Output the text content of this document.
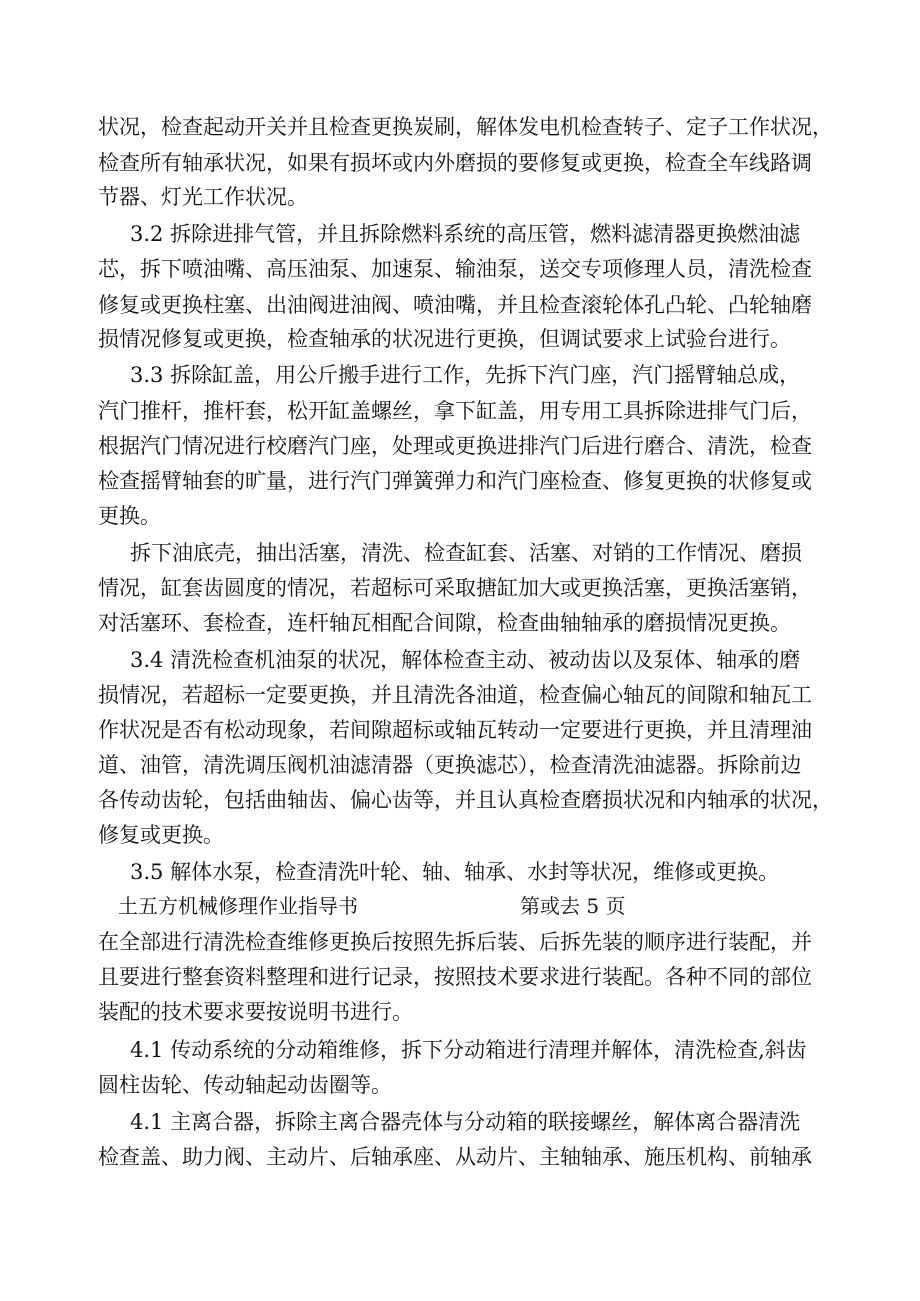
状况，检查起动开关并且检查更换炭刷，解体发电机检查转子、定子工作状况，
检查所有轴承状况，如果有损坏或内外磨损的要修复或更换，检查全车线路调
节器、灯光工作状况。
3.2 拆除进排气管，并且拆除燃料系统的高压管，燃料滤清器更换燃油滤
芯，拆下喷油嘴、高压油泵、加速泵、输油泵，送交专项修理人员，清洗检查
修复或更换柱塞、出油阀进油阀、喷油嘴，并且检查滚轮体孔凸轮、凸轮轴磨
损情况修复或更换，检查轴承的状况进行更换，但调试要求上试验台进行。
3.3 拆除缸盖，用公斤搬手进行工作，先拆下汽门座，汽门摇臂轴总成，
汽门推杆，推杆套，松开缸盖螺丝，拿下缸盖，用专用工具拆除进排气门后，
根据汽门情况进行校磨汽门座，处理或更换进排汽门后进行磨合、清洗，检查
检查摇臂轴套的旷量，进行汽门弹簧弹力和汽门座检查、修复更换的状修复或
更换。
拆下油底壳，抽出活塞，清洗、检查缸套、活塞、对销的工作情况、磨损
情况，缸套齿圆度的情况，若超标可采取搪缸加大或更换活塞，更换活塞销，
对活塞环、套检查，连杆轴瓦相配合间隙，检查曲轴轴承的磨损情况更换。
3.4 清洗检查机油泵的状况，解体检查主动、被动齿以及泵体、轴承的磨
损情况，若超标一定要更换，并且清洗各油道，检查偏心轴瓦的间隙和轴瓦工
作状况是否有松动现象，若间隙超标或轴瓦转动一定要进行更换，并且清理油
道、油管，清洗调压阀机油滤清器（更换滤芯），检查清洗油滤器。拆除前边
各传动齿轮，包括曲轴齿、偏心齿等，并且认真检查磨损状况和内轴承的状况，
修复或更换。
3.5 解体水泵，检查清洗叶轮、轴、轴承、水封等状况，维修或更换。
土五方机械修理作业指导书	第或去 5 页
在全部进行清洗检查维修更换后按照先拆后装、后拆先装的顺序进行装配，并
且要进行整套资料整理和进行记录，按照技术要求进行装配。各种不同的部位
装配的技术要求要按说明书进行。
4.1 传动系统的分动箱维修，拆下分动箱进行清理并解体，清洗检查,斜齿
圆柱齿轮、传动轴起动齿圈等。
4.1 主离合器，拆除主离合器壳体与分动箱的联接螺丝，解体离合器清洗
检查盖、助力阀、主动片、后轴承座、从动片、主轴轴承、施压机构、前轴承
